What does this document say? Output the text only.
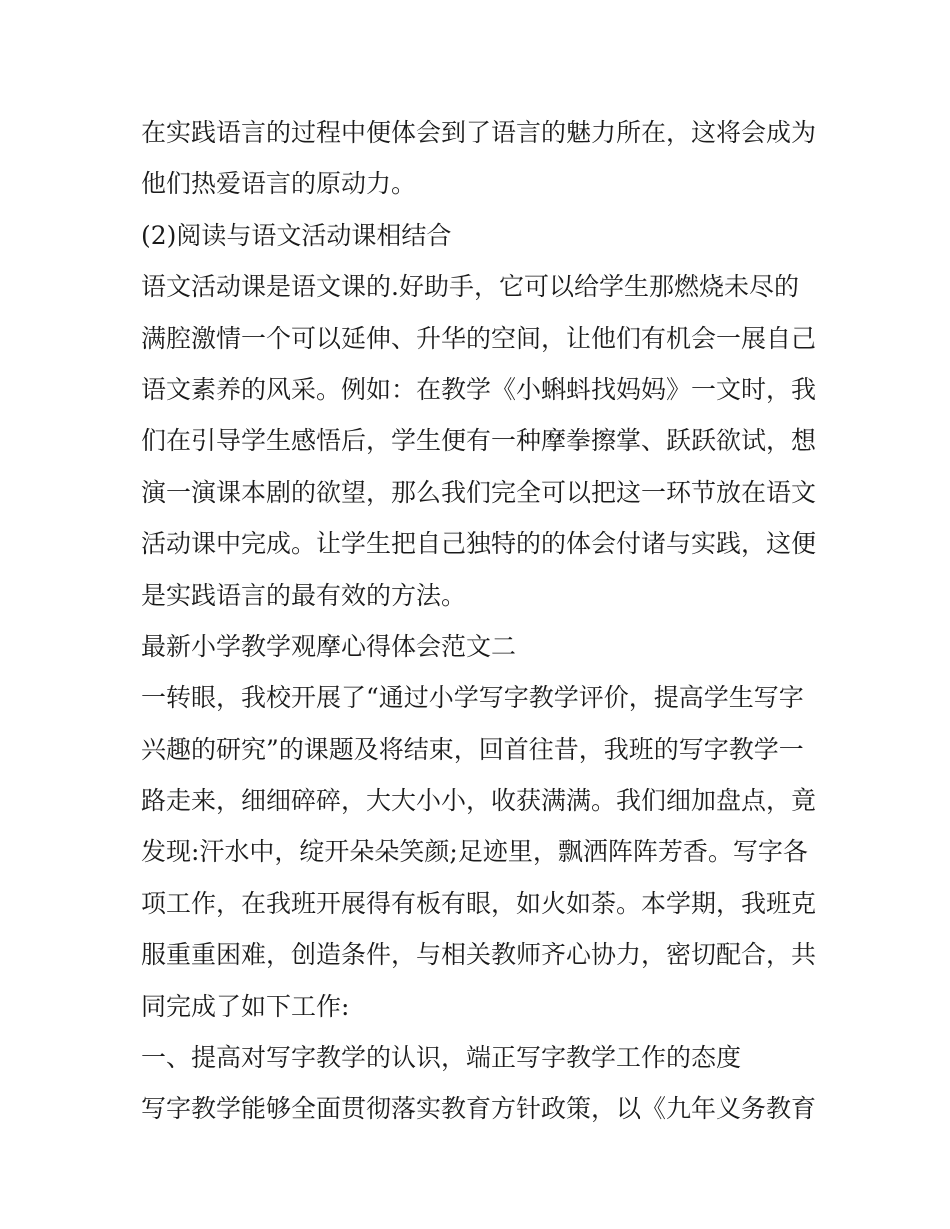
在实践语言的过程中便体会到了语言的魅力所在，这将会成为
他们热爱语言的原动力。
(2)阅读与语文活动课相结合
语文活动课是语文课的.好助手，它可以给学生那燃烧未尽的
满腔激情一个可以延伸、升华的空间，让他们有机会一展自己
语文素养的风采。例如：在教学《小蝌蚪找妈妈》一文时，我
们在引导学生感悟后，学生便有一种摩拳擦掌、跃跃欲试，想
演一演课本剧的欲望，那么我们完全可以把这一环节放在语文
活动课中完成。让学生把自己独特的的体会付诸与实践，这便
是实践语言的最有效的方法。
最新小学教学观摩心得体会范文二
一转眼，我校开展了“通过小学写字教学评价，提高学生写字
兴趣的研究”的课题及将结束，回首往昔，我班的写字教学一
路走来，细细碎碎，大大小小，收获满满。我们细加盘点，竟
发现:汗水中，绽开朵朵笑颜;足迹里，飘洒阵阵芳香。写字各
项工作，在我班开展得有板有眼，如火如荼。本学期，我班克
服重重困难，创造条件，与相关教师齐心协力，密切配合，共
同完成了如下工作:
一、提高对写字教学的认识，端正写字教学工作的态度
写字教学能够全面贯彻落实教育方针政策，以《九年义务教育
